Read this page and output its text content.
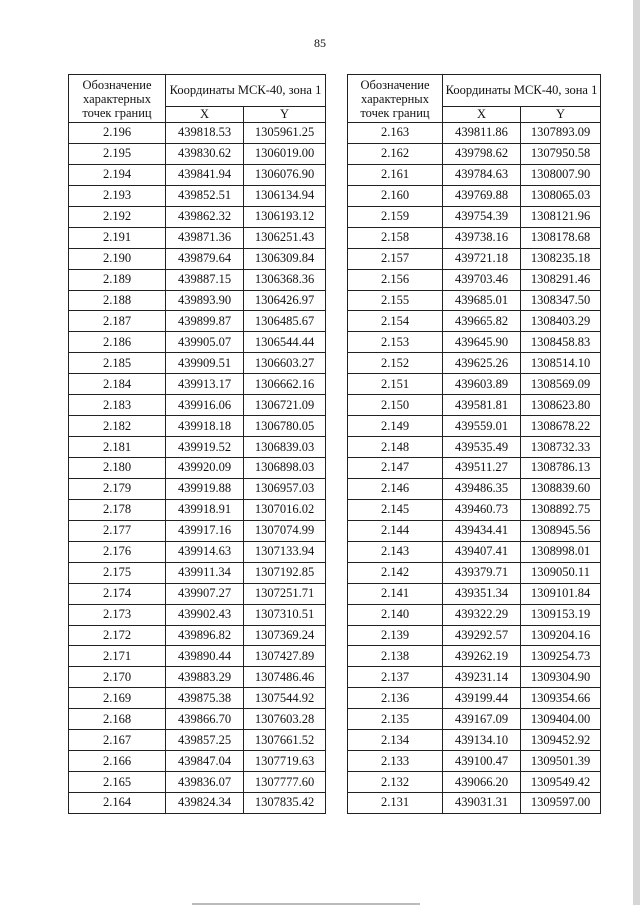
85
Обозначение характерных точек границ	Координаты МСК-40, зона 1	
	X	Y
2.196	439818.53	1305961.25
2.195	439830.62	1306019.00
2.194	439841.94	1306076.90
2.193	439852.51	1306134.94
2.192	439862.32	1306193.12
2.191	439871.36	1306251.43
2.190	439879.64	1306309.84
2.189	439887.15	1306368.36
2.188	439893.90	1306426.97
2.187	439899.87	1306485.67
2.186	439905.07	1306544.44
2.185	439909.51	1306603.27
2.184	439913.17	1306662.16
2.183	439916.06	1306721.09
2.182	439918.18	1306780.05
2.181	439919.52	1306839.03
2.180	439920.09	1306898.03
2.179	439919.88	1306957.03
2.178	439918.91	1307016.02
2.177	439917.16	1307074.99
2.176	439914.63	1307133.94
2.175	439911.34	1307192.85
2.174	439907.27	1307251.71
2.173	439902.43	1307310.51
2.172	439896.82	1307369.24
2.171	439890.44	1307427.89
2.170	439883.29	1307486.46
2.169	439875.38	1307544.92
2.168	439866.70	1307603.28
2.167	439857.25	1307661.52
2.166	439847.04	1307719.63
2.165	439836.07	1307777.60
2.164	439824.34	1307835.42
Обозначение характерных точек границ	Координаты МСК-40, зона 1	
	X	Y
2.163	439811.86	1307893.09
2.162	439798.62	1307950.58
2.161	439784.63	1308007.90
2.160	439769.88	1308065.03
2.159	439754.39	1308121.96
2.158	439738.16	1308178.68
2.157	439721.18	1308235.18
2.156	439703.46	1308291.46
2.155	439685.01	1308347.50
2.154	439665.82	1308403.29
2.153	439645.90	1308458.83
2.152	439625.26	1308514.10
2.151	439603.89	1308569.09
2.150	439581.81	1308623.80
2.149	439559.01	1308678.22
2.148	439535.49	1308732.33
2.147	439511.27	1308786.13
2.146	439486.35	1308839.60
2.145	439460.73	1308892.75
2.144	439434.41	1308945.56
2.143	439407.41	1308998.01
2.142	439379.71	1309050.11
2.141	439351.34	1309101.84
2.140	439322.29	1309153.19
2.139	439292.57	1309204.16
2.138	439262.19	1309254.73
2.137	439231.14	1309304.90
2.136	439199.44	1309354.66
2.135	439167.09	1309404.00
2.134	439134.10	1309452.92
2.133	439100.47	1309501.39
2.132	439066.20	1309549.42
2.131	439031.31	1309597.00
